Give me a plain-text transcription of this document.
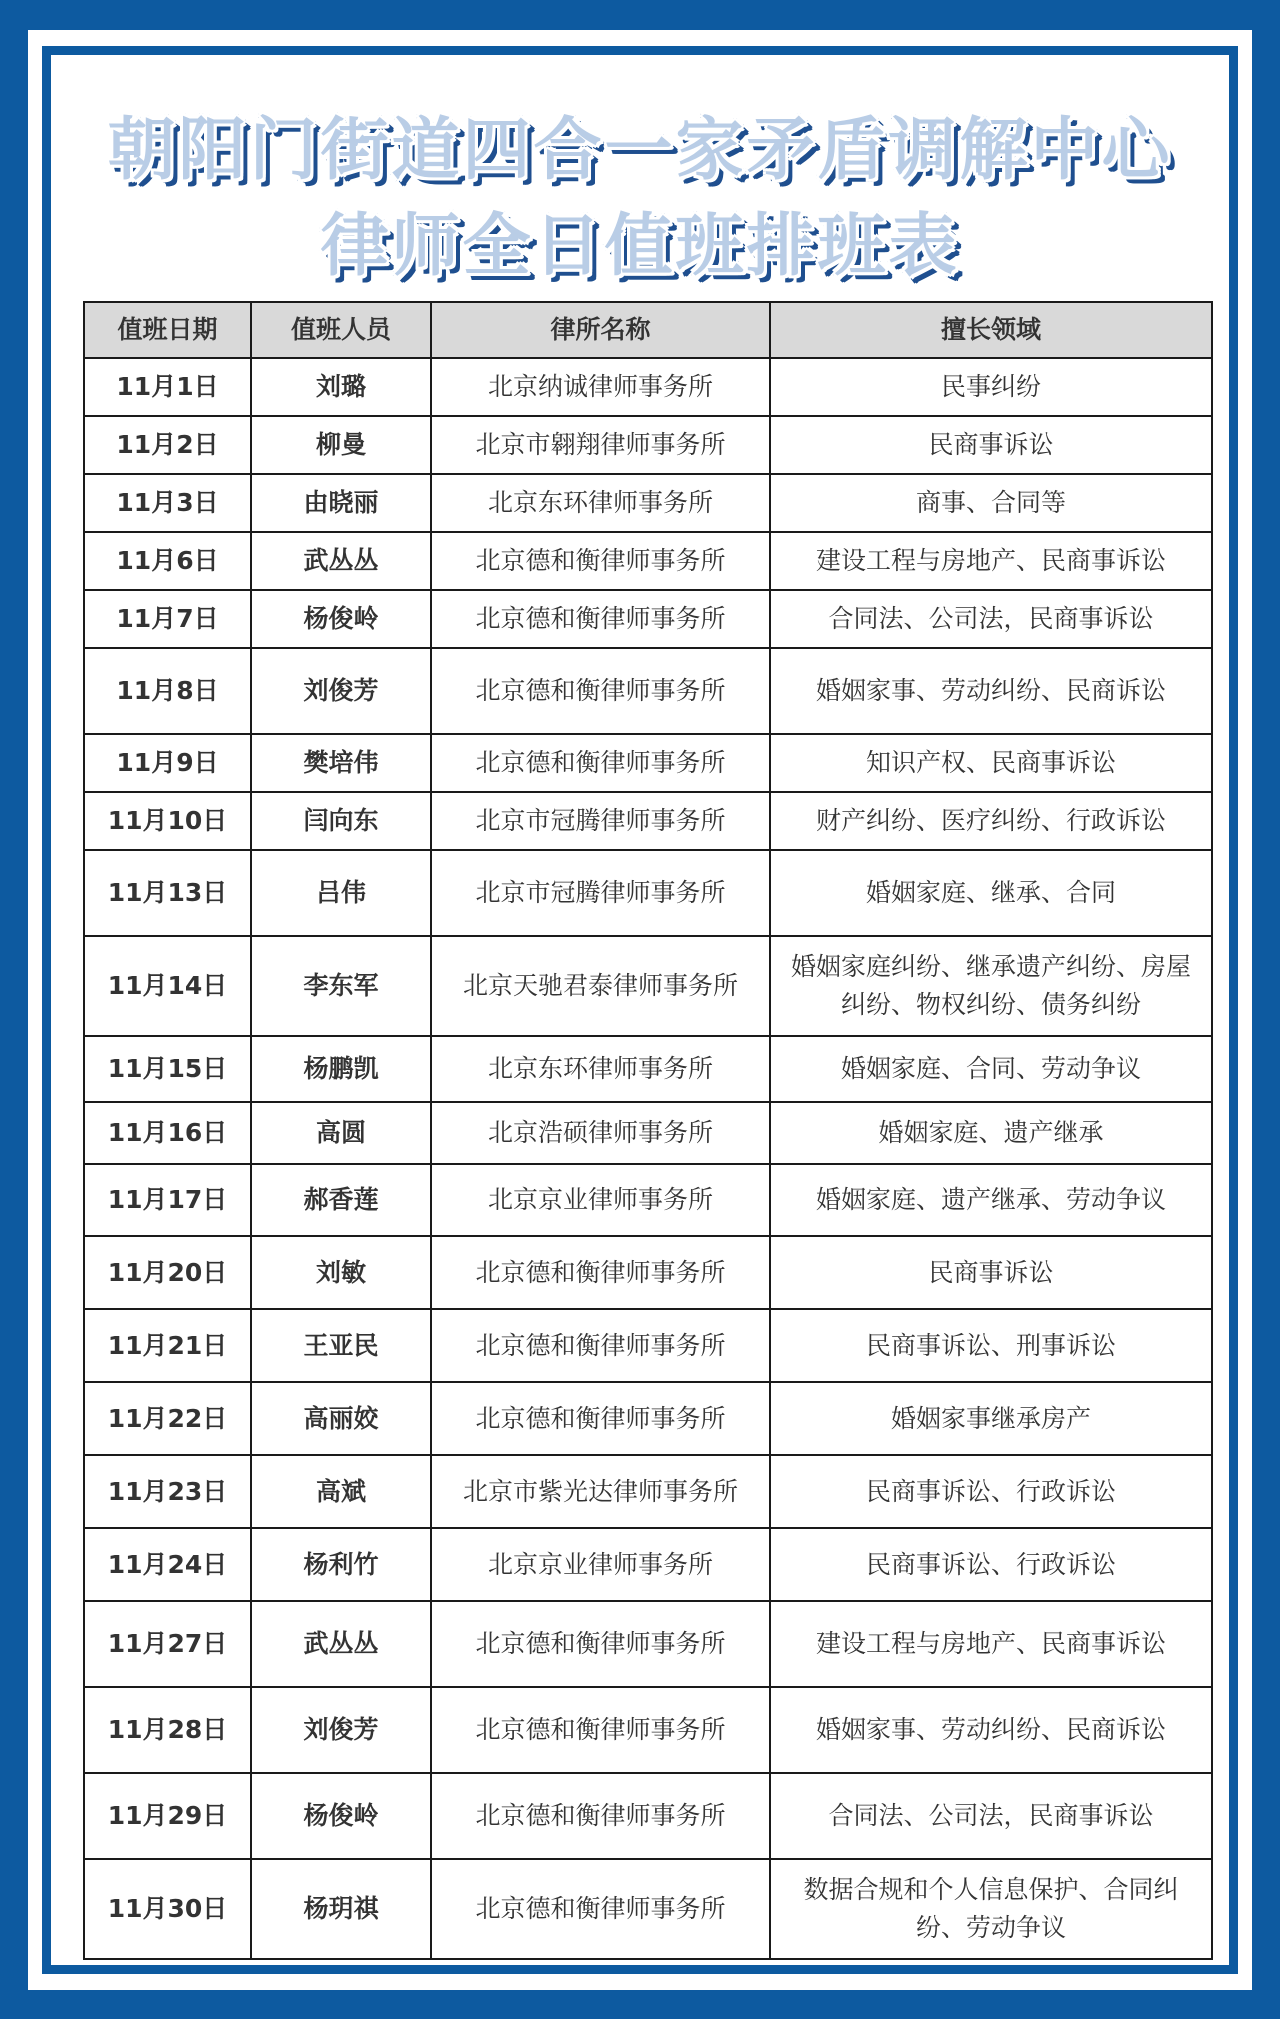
朝阳门街道四合一家矛盾调解中心
律师全日值班排班表
值班日期	值班人员	律所名称	擅长领域
11月1日	刘璐	北京纳诚律师事务所	民事纠纷
11月2日	柳曼	北京市翱翔律师事务所	民商事诉讼
11月3日	由晓丽	北京东环律师事务所	商事、合同等
11月6日	武丛丛	北京德和衡律师事务所	建设工程与房地产、民商事诉讼
11月7日	杨俊岭	北京德和衡律师事务所	合同法、公司法，民商事诉讼
11月8日	刘俊芳	北京德和衡律师事务所	婚姻家事、劳动纠纷、民商诉讼
11月9日	樊培伟	北京德和衡律师事务所	知识产权、民商事诉讼
11月10日	闫向东	北京市冠腾律师事务所	财产纠纷、医疗纠纷、行政诉讼
11月13日	吕伟	北京市冠腾律师事务所	婚姻家庭、继承、合同
11月14日	李东军	北京天驰君泰律师事务所	婚姻家庭纠纷、继承遗产纠纷、房屋纠纷、物权纠纷、债务纠纷
11月15日	杨鹏凯	北京东环律师事务所	婚姻家庭、合同、劳动争议
11月16日	高圆	北京浩硕律师事务所	婚姻家庭、遗产继承
11月17日	郝香莲	北京京业律师事务所	婚姻家庭、遗产继承、劳动争议
11月20日	刘敏	北京德和衡律师事务所	民商事诉讼
11月21日	王亚民	北京德和衡律师事务所	民商事诉讼、刑事诉讼
11月22日	高丽姣	北京德和衡律师事务所	婚姻家事继承房产
11月23日	高斌	北京市紫光达律师事务所	民商事诉讼、行政诉讼
11月24日	杨利竹	北京京业律师事务所	民商事诉讼、行政诉讼
11月27日	武丛丛	北京德和衡律师事务所	建设工程与房地产、民商事诉讼
11月28日	刘俊芳	北京德和衡律师事务所	婚姻家事、劳动纠纷、民商诉讼
11月29日	杨俊岭	北京德和衡律师事务所	合同法、公司法，民商事诉讼
11月30日	杨玥祺	北京德和衡律师事务所	数据合规和个人信息保护、合同纠纷、劳动争议
